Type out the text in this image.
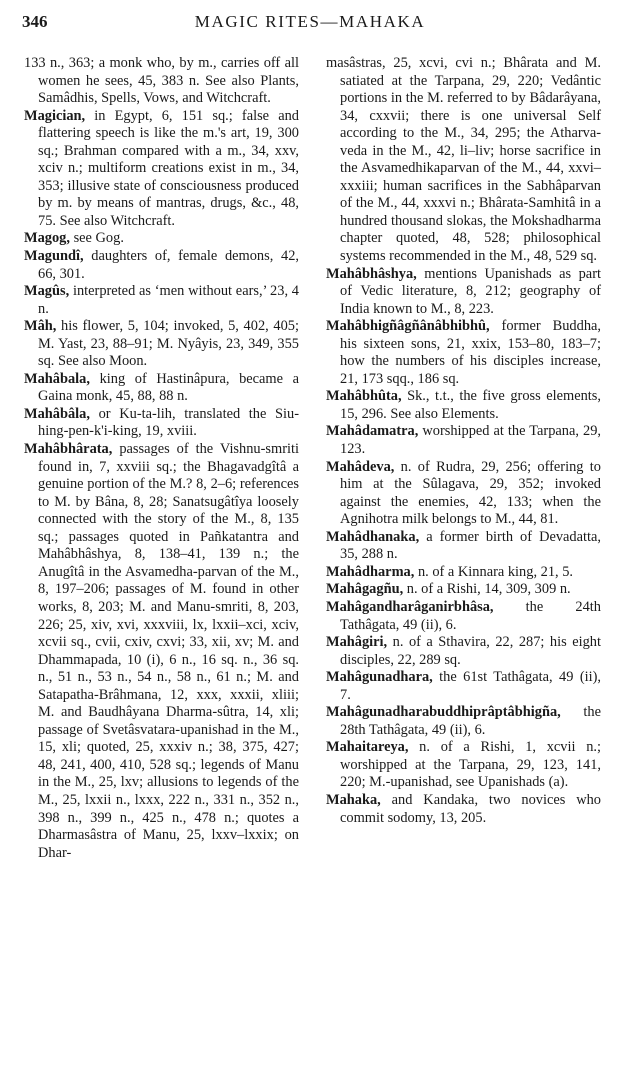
346	MAGIC RITES—MAHAKA

133 n., 363; a monk who, by m., carries off all women he sees, 45, 383 n. See also Plants, Samâdhis, Spells, Vows, and Witchcraft.

Magician, in Egypt, 6, 151 sq.; false and flattering speech is like the m.'s art, 19, 300 sq.; Brahman compared with a m., 34, xxv, xciv n.; multiform creations exist in m., 34, 353; illusive state of consciousness produced by m. by means of mantras, drugs, &c., 48, 75. See also Witchcraft.

Magog, see Gog.

Magundî, daughters of, female demons, 42, 66, 301.

Magûs, interpreted as ‘men without ears,’ 23, 4 n.

Mâh, his flower, 5, 104; invoked, 5, 402, 405; M. Yast, 23, 88–91; M. Nyâyis, 23, 349, 355 sq. See also Moon.

Mahâbala, king of Hastinâpura, became a Gaina monk, 45, 88, 88 n.

Mahâbâla, or Ku-ta-lih, translated the Siu-hing-pen-k'i-king, 19, xviii.

Mahâbhârata, passages of the Vishnu-smriti found in, 7, xxviii sq.; the Bhagavadgîtâ a genuine portion of the M.? 8, 2–6; references to M. by Bâna, 8, 28; Sanatsugâtîya loosely connected with the story of the M., 8, 135 sq.; passages quoted in Pañkatantra and Mahâbhâshya, 8, 138–41, 139 n.; the Anugîtâ in the Asvamedha-parvan of the M., 8, 197–206; passages of M. found in other works, 8, 203; M. and Manu-smriti, 8, 203, 226; 25, xiv, xvi, xxxviii, lx, lxxii–xci, xciv, xcvii sq., cvii, cxiv, cxvi; 33, xii, xv; M. and Dhammapada, 10 (i), 6 n., 16 sq. n., 36 sq. n., 51 n., 53 n., 54 n., 58 n., 61 n.; M. and Satapatha-Brâhmana, 12, xxx, xxxii, xliii; M. and Baudhâyana Dharma-sûtra, 14, xli; passage of Svetâsvatara-upanishad in the M., 15, xli; quoted, 25, xxxiv n.; 38, 375, 427; 48, 241, 400, 410, 528 sq.; legends of Manu in the M., 25, lxv; allusions to legends of the M., 25, lxxii n., lxxx, 222 n., 331 n., 352 n., 398 n., 399 n., 425 n., 478 n.; quotes a Dharmasâstra of Manu, 25, lxxv–lxxix; on Dhar-

masâstras, 25, xcvi, cvi n.; Bhârata and M. satiated at the Tarpana, 29, 220; Vedântic portions in the M. referred to by Bâdarâyana, 34, cxxvii; there is one universal Self according to the M., 34, 295; the Atharva-veda in the M., 42, li–liv; horse sacrifice in the Asvamedhikaparvan of the M., 44, xxvi–xxxiii; human sacrifices in the Sabhâparvan of the M., 44, xxxvi n.; Bhârata-Samhitâ in a hundred thousand slokas, the Mokshadharma chapter quoted, 48, 528; philosophical systems recommended in the M., 48, 529 sq.

Mahâbhâshya, mentions Upanishads as part of Vedic literature, 8, 212; geography of India known to M., 8, 223.

Mahâbhigñâgñânâbhibhû, former Buddha, his sixteen sons, 21, xxix, 153–80, 183–7; how the numbers of his disciples increase, 21, 173 sqq., 186 sq.

Mahâbhûta, Sk., t.t., the five gross elements, 15, 296. See also Elements.

Mahâdamatra, worshipped at the Tarpana, 29, 123.

Mahâdeva, n. of Rudra, 29, 256; offering to him at the Sûlagava, 29, 352; invoked against the enemies, 42, 133; when the Agnihotra milk belongs to M., 44, 81.

Mahâdhanaka, a former birth of Devadatta, 35, 288 n.

Mahâdharma, n. of a Kinnara king, 21, 5.

Mahâgagñu, n. of a Rishi, 14, 309, 309 n.

Mahâgandharâganirbhâsa, the 24th Tathâgata, 49 (ii), 6.

Mahâgiri, n. of a Sthavira, 22, 287; his eight disciples, 22, 289 sq.

Mahâgunadhara, the 61st Tathâgata, 49 (ii), 7.

Mahâgunadharabuddhiprâptâbhigña, the 28th Tathâgata, 49 (ii), 6.

Mahaitareya, n. of a Rishi, 1, xcvii n.; worshipped at the Tarpana, 29, 123, 141, 220; M.-upanishad, see Upanishads (a).

Mahaka, and Kandaka, two novices who commit sodomy, 13, 205.
